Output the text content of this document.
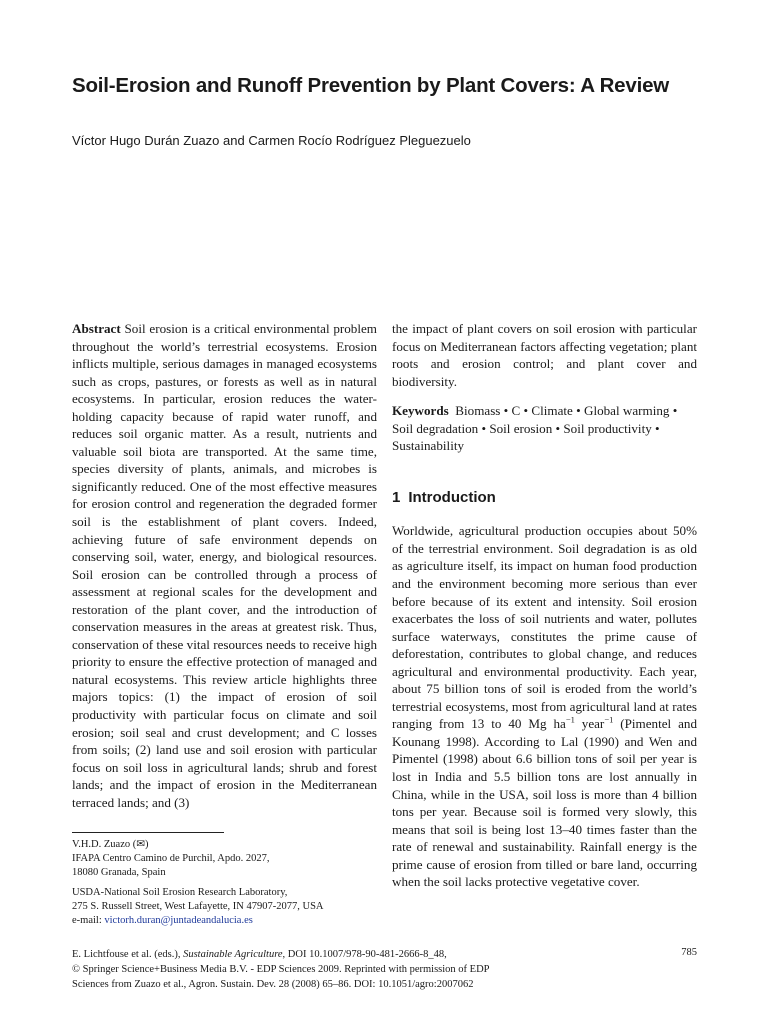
Soil-Erosion and Runoff Prevention by Plant Covers: A Review
Víctor Hugo Durán Zuazo and Carmen Rocío Rodríguez Pleguezuelo

Abstract Soil erosion is a critical environmental problem throughout the world’s terrestrial ecosystems. Erosion inflicts multiple, serious damages in managed ecosystems such as crops, pastures, or forests as well as in natural ecosystems. In particular, erosion reduces the water-holding capacity because of rapid water runoff, and reduces soil organic matter. As a result, nutrients and valuable soil biota are transported. At the same time, species diversity of plants, animals, and microbes is significantly reduced. One of the most effective measures for erosion control and regeneration the degraded former soil is the establishment of plant covers. Indeed, achieving future of safe environment depends on conserving soil, water, energy, and biological resources. Soil erosion can be controlled through a process of assessment at regional scales for the development and restoration of the plant cover, and the introduction of conservation measures in the areas at greatest risk. Thus, conservation of these vital resources needs to receive high priority to ensure the effective protection of managed and natural ecosystems. This review article highlights three majors topics: (1) the impact of erosion of soil productivity with particular focus on climate and soil erosion; soil seal and crust development; and C losses from soils; (2) land use and soil erosion with particular focus on soil loss in agricultural lands; shrub and forest lands; and the impact of erosion in the Mediterranean terraced lands; and (3)

the impact of plant covers on soil erosion with particular focus on Mediterranean factors affecting vegetation; plant roots and erosion control; and plant cover and biodiversity.

Keywords Biomass • C • Climate • Global warming • Soil degradation • Soil erosion • Soil productivity • Sustainability

1 Introduction

Worldwide, agricultural production occupies about 50% of the terrestrial environment. Soil degradation is as old as agriculture itself, its impact on human food production and the environment becoming more serious than ever before because of its extent and intensity. Soil erosion exacerbates the loss of soil nutrients and water, pollutes surface waterways, constitutes the prime cause of deforestation, contributes to global change, and reduces agricultural and environmental productivity. Each year, about 75 billion tons of soil is eroded from the world’s terrestrial ecosystems, most from agricultural land at rates ranging from 13 to 40 Mg $ha^{-1}$ year$^{-1}$ (Pimentel and Kounang 1998). According to Lal (1990) and Wen and Pimentel (1998) about 6.6 billion tons of soil per year is lost in India and 5.5 billion tons are lost annually in China, while in the USA, soil loss is more than 4 billion tons per year. Because soil is formed very slowly, this means that soil is being lost 13–40 times faster than the rate of renewal and sustainability. Rainfall energy is the prime cause of erosion from tilled or bare land, occurring when the soil lacks protective vegetative cover.

V.H.D. Zuazo (✉)

IFAPA Centro Camino de Purchil, Apdo. 2027,

18080 Granada, Spain

USDA-National Soil Erosion Research Laboratory,

275 S. Russell Street, West Lafayette, IN 47907-2077, USA

e-mail: victorh.duran@juntadeandalucia.es

E. Lichtfouse et al. (eds.), Sustainable Agriculture, DOI 10.1007/978-90-481-2666-8_48,

© Springer Science+Business Media B.V. - EDP Sciences 2009. Reprinted with permission of EDP

Sciences from Zuazo et al., Agron. Sustain. Dev. 28 (2008) 65–86. DOI: 10.1051/agro:2007062

785
